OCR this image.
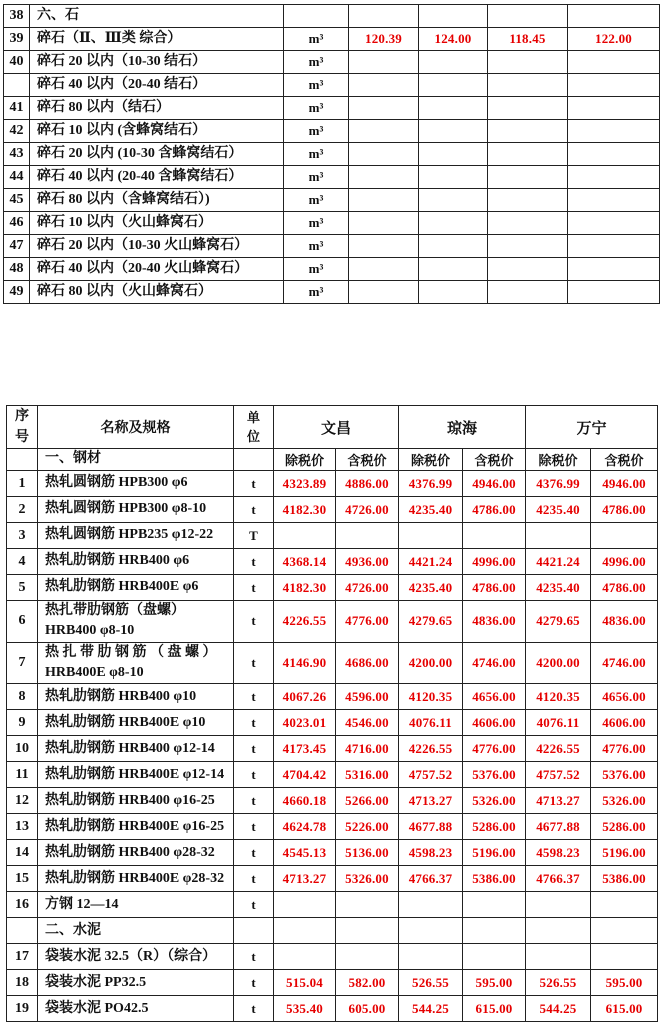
38	六、石					
39	碎石（Ⅱ、Ⅲ类 综合）	m³	120.39	124.00	118.45	122.00
40	碎石 20 以内（10-30 结石）	m³				
	碎石 40 以内（20-40 结石）	m³				
41	碎石 80 以内（结石）	m³				
42	碎石 10 以内 (含蜂窝结石）	m³				
43	碎石 20 以内 (10-30 含蜂窝结石）	m³				
44	碎石 40 以内 (20-40 含蜂窝结石）	m³				
45	碎石 80 以内（含蜂窝结石）)	m³				
46	碎石 10 以内（火山蜂窝石）	m³				
47	碎石 20 以内（10-30 火山蜂窝石）	m³				
48	碎石 40 以内（20-40 火山蜂窝石）	m³				
49	碎石 80 以内（火山蜂窝石）	m³				
序号	名称及规格	单位	文昌		琼海		万宁	
	一、钢材		除税价	含税价	除税价	含税价	除税价	含税价
1	热轧圆钢筋 HPB300 φ6	t	4323.89	4886.00	4376.99	4946.00	4376.99	4946.00
2	热轧圆钢筋 HPB300 φ8-10	t	4182.30	4726.00	4235.40	4786.00	4235.40	4786.00
3	热轧圆钢筋 HPB235 φ12-22	T						
4	热轧肋钢筋 HRB400 φ6	t	4368.14	4936.00	4421.24	4996.00	4421.24	4996.00
5	热轧肋钢筋 HRB400E φ6	t	4182.30	4726.00	4235.40	4786.00	4235.40	4786.00
6	热扎带肋钢筋（盘螺）HRB400 φ8-10	t	4226.55	4776.00	4279.65	4836.00	4279.65	4836.00
7	热 扎 带 肋 钢 筋 （ 盘 螺 ） HRB400E φ8-10	t	4146.90	4686.00	4200.00	4746.00	4200.00	4746.00
8	热轧肋钢筋 HRB400 φ10	t	4067.26	4596.00	4120.35	4656.00	4120.35	4656.00
9	热轧肋钢筋 HRB400E φ10	t	4023.01	4546.00	4076.11	4606.00	4076.11	4606.00
10	热轧肋钢筋 HRB400 φ12-14	t	4173.45	4716.00	4226.55	4776.00	4226.55	4776.00
11	热轧肋钢筋 HRB400E φ12-14	t	4704.42	5316.00	4757.52	5376.00	4757.52	5376.00
12	热轧肋钢筋 HRB400 φ16-25	t	4660.18	5266.00	4713.27	5326.00	4713.27	5326.00
13	热轧肋钢筋 HRB400E φ16-25	t	4624.78	5226.00	4677.88	5286.00	4677.88	5286.00
14	热轧肋钢筋 HRB400 φ28-32	t	4545.13	5136.00	4598.23	5196.00	4598.23	5196.00
15	热轧肋钢筋 HRB400E φ28-32	t	4713.27	5326.00	4766.37	5386.00	4766.37	5386.00
16	方钢 12—14	t						
	二、水泥							
17	袋装水泥 32.5（R）（综合）	t						
18	袋装水泥 PP32.5	t	515.04	582.00	526.55	595.00	526.55	595.00
19	袋装水泥 PO42.5	t	535.40	605.00	544.25	615.00	544.25	615.00
